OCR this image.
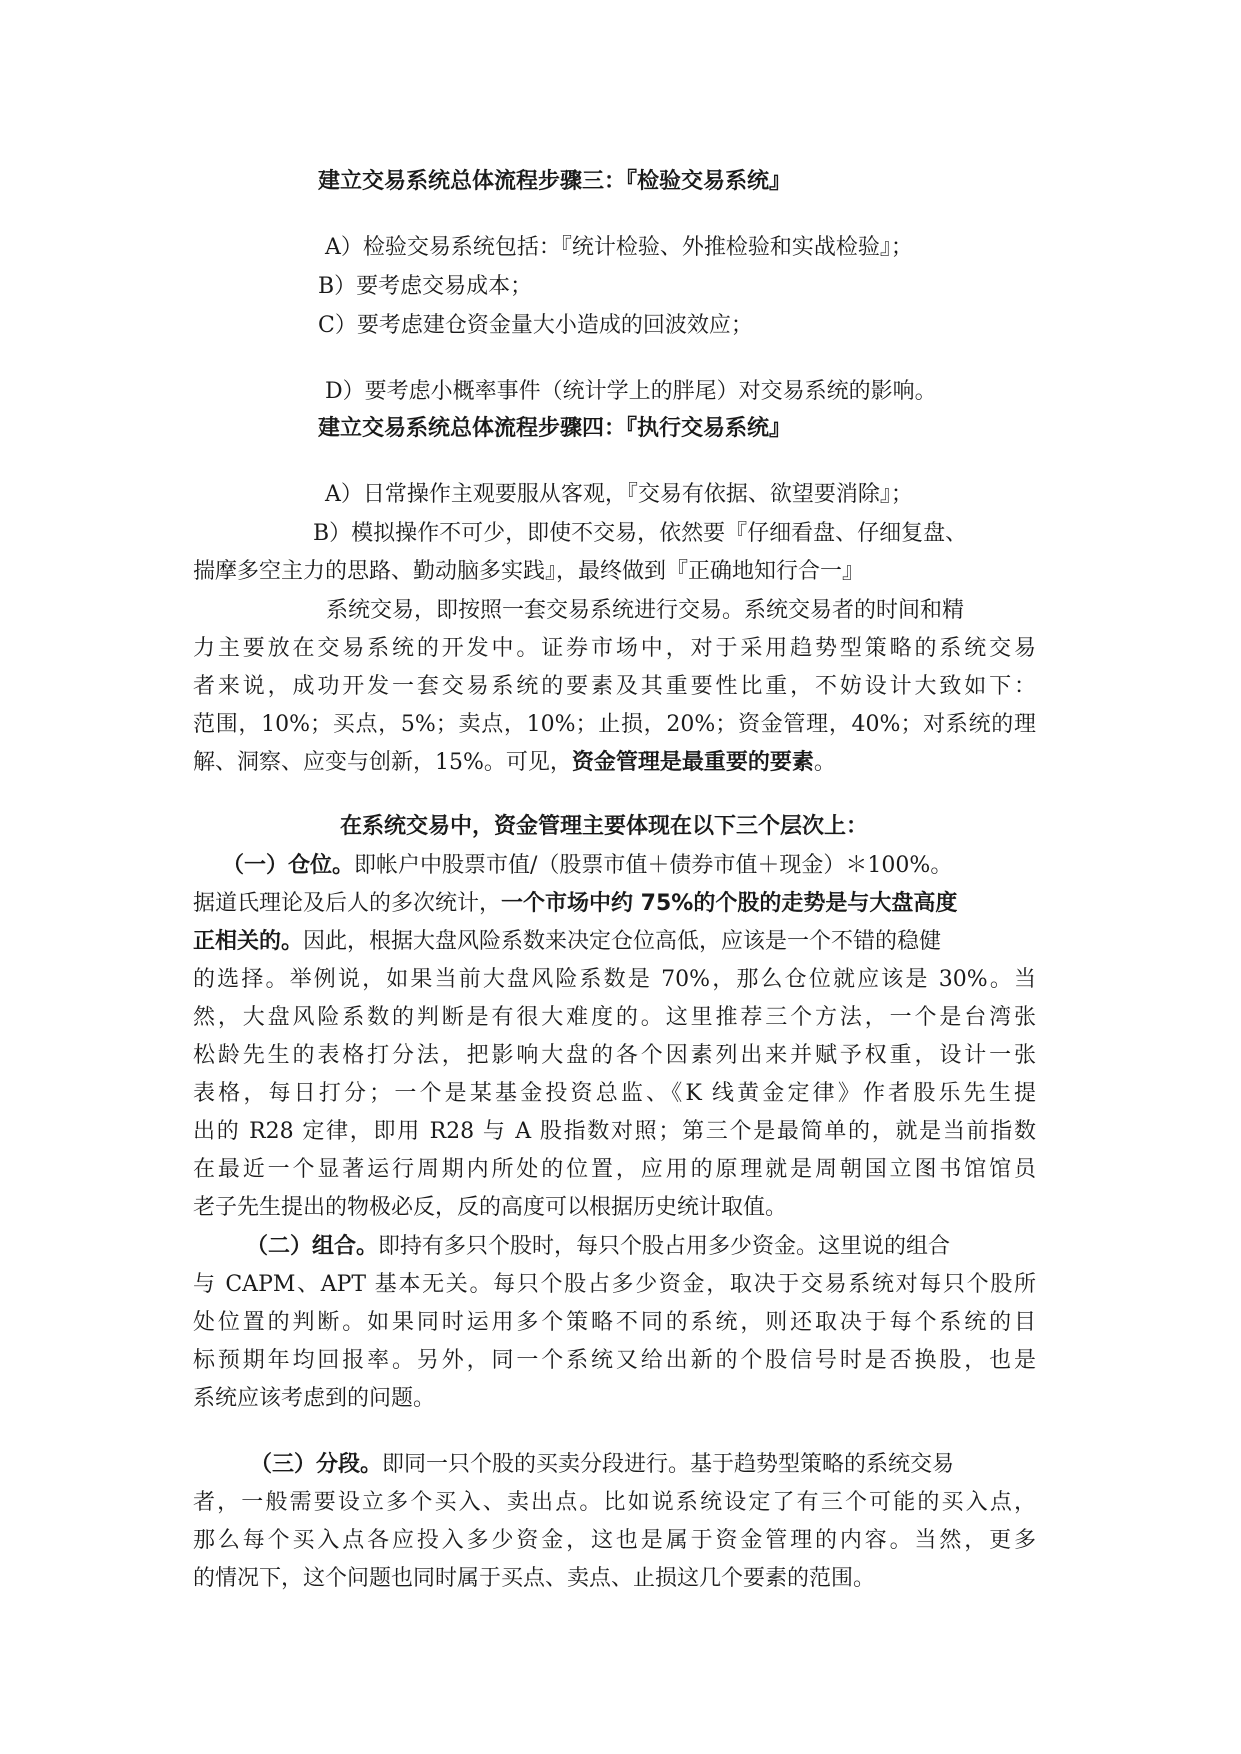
建立交易系统总体流程步骤三：『检验交易系统』
A）检验交易系统包括：『统计检验、外推检验和实战检验』；
B）要考虑交易成本；
C）要考虑建仓资金量大小造成的回波效应；
D）要考虑小概率事件（统计学上的胖尾）对交易系统的影响。
建立交易系统总体流程步骤四：『执行交易系统』
A）日常操作主观要服从客观，『交易有依据、欲望要消除』；
B）模拟操作不可少，即使不交易，依然要『仔细看盘、仔细复盘、
揣摩多空主力的思路、勤动脑多实践』，最终做到『正确地知行合一』
系统交易，即按照一套交易系统进行交易。系统交易者的时间和精
力主要放在交易系统的开发中。证券市场中，对于采用趋势型策略的系统交易
者来说，成功开发一套交易系统的要素及其重要性比重，不妨设计大致如下：
范围，10%；买点，5%；卖点，10%；止损，20%；资金管理，40%；对系统的理
解、洞察、应变与创新，15%。可见，资金管理是最重要的要素。
在系统交易中，资金管理主要体现在以下三个层次上：
（一）仓位。即帐户中股票市值/（股票市值＋债券市值＋现金）＊100%。
据道氏理论及后人的多次统计，一个市场中约 75%的个股的走势是与大盘高度
正相关的。因此，根据大盘风险系数来决定仓位高低，应该是一个不错的稳健
的选择。举例说，如果当前大盘风险系数是 70%，那么仓位就应该是 30%。当
然，大盘风险系数的判断是有很大难度的。这里推荐三个方法，一个是台湾张
松龄先生的表格打分法，把影响大盘的各个因素列出来并赋予权重，设计一张
表格，每日打分；一个是某基金投资总监、《K 线黄金定律》作者股乐先生提
出的 R28 定律，即用 R28 与 A 股指数对照；第三个是最简单的，就是当前指数
在最近一个显著运行周期内所处的位置，应用的原理就是周朝国立图书馆馆员
老子先生提出的物极必反，反的高度可以根据历史统计取值。
（二）组合。即持有多只个股时，每只个股占用多少资金。这里说的组合
与 CAPM、APT 基本无关。每只个股占多少资金，取决于交易系统对每只个股所
处位置的判断。如果同时运用多个策略不同的系统，则还取决于每个系统的目
标预期年均回报率。另外，同一个系统又给出新的个股信号时是否换股，也是
系统应该考虑到的问题。
（三）分段。即同一只个股的买卖分段进行。基于趋势型策略的系统交易
者，一般需要设立多个买入、卖出点。比如说系统设定了有三个可能的买入点，
那么每个买入点各应投入多少资金，这也是属于资金管理的内容。当然，更多
的情况下，这个问题也同时属于买点、卖点、止损这几个要素的范围。
